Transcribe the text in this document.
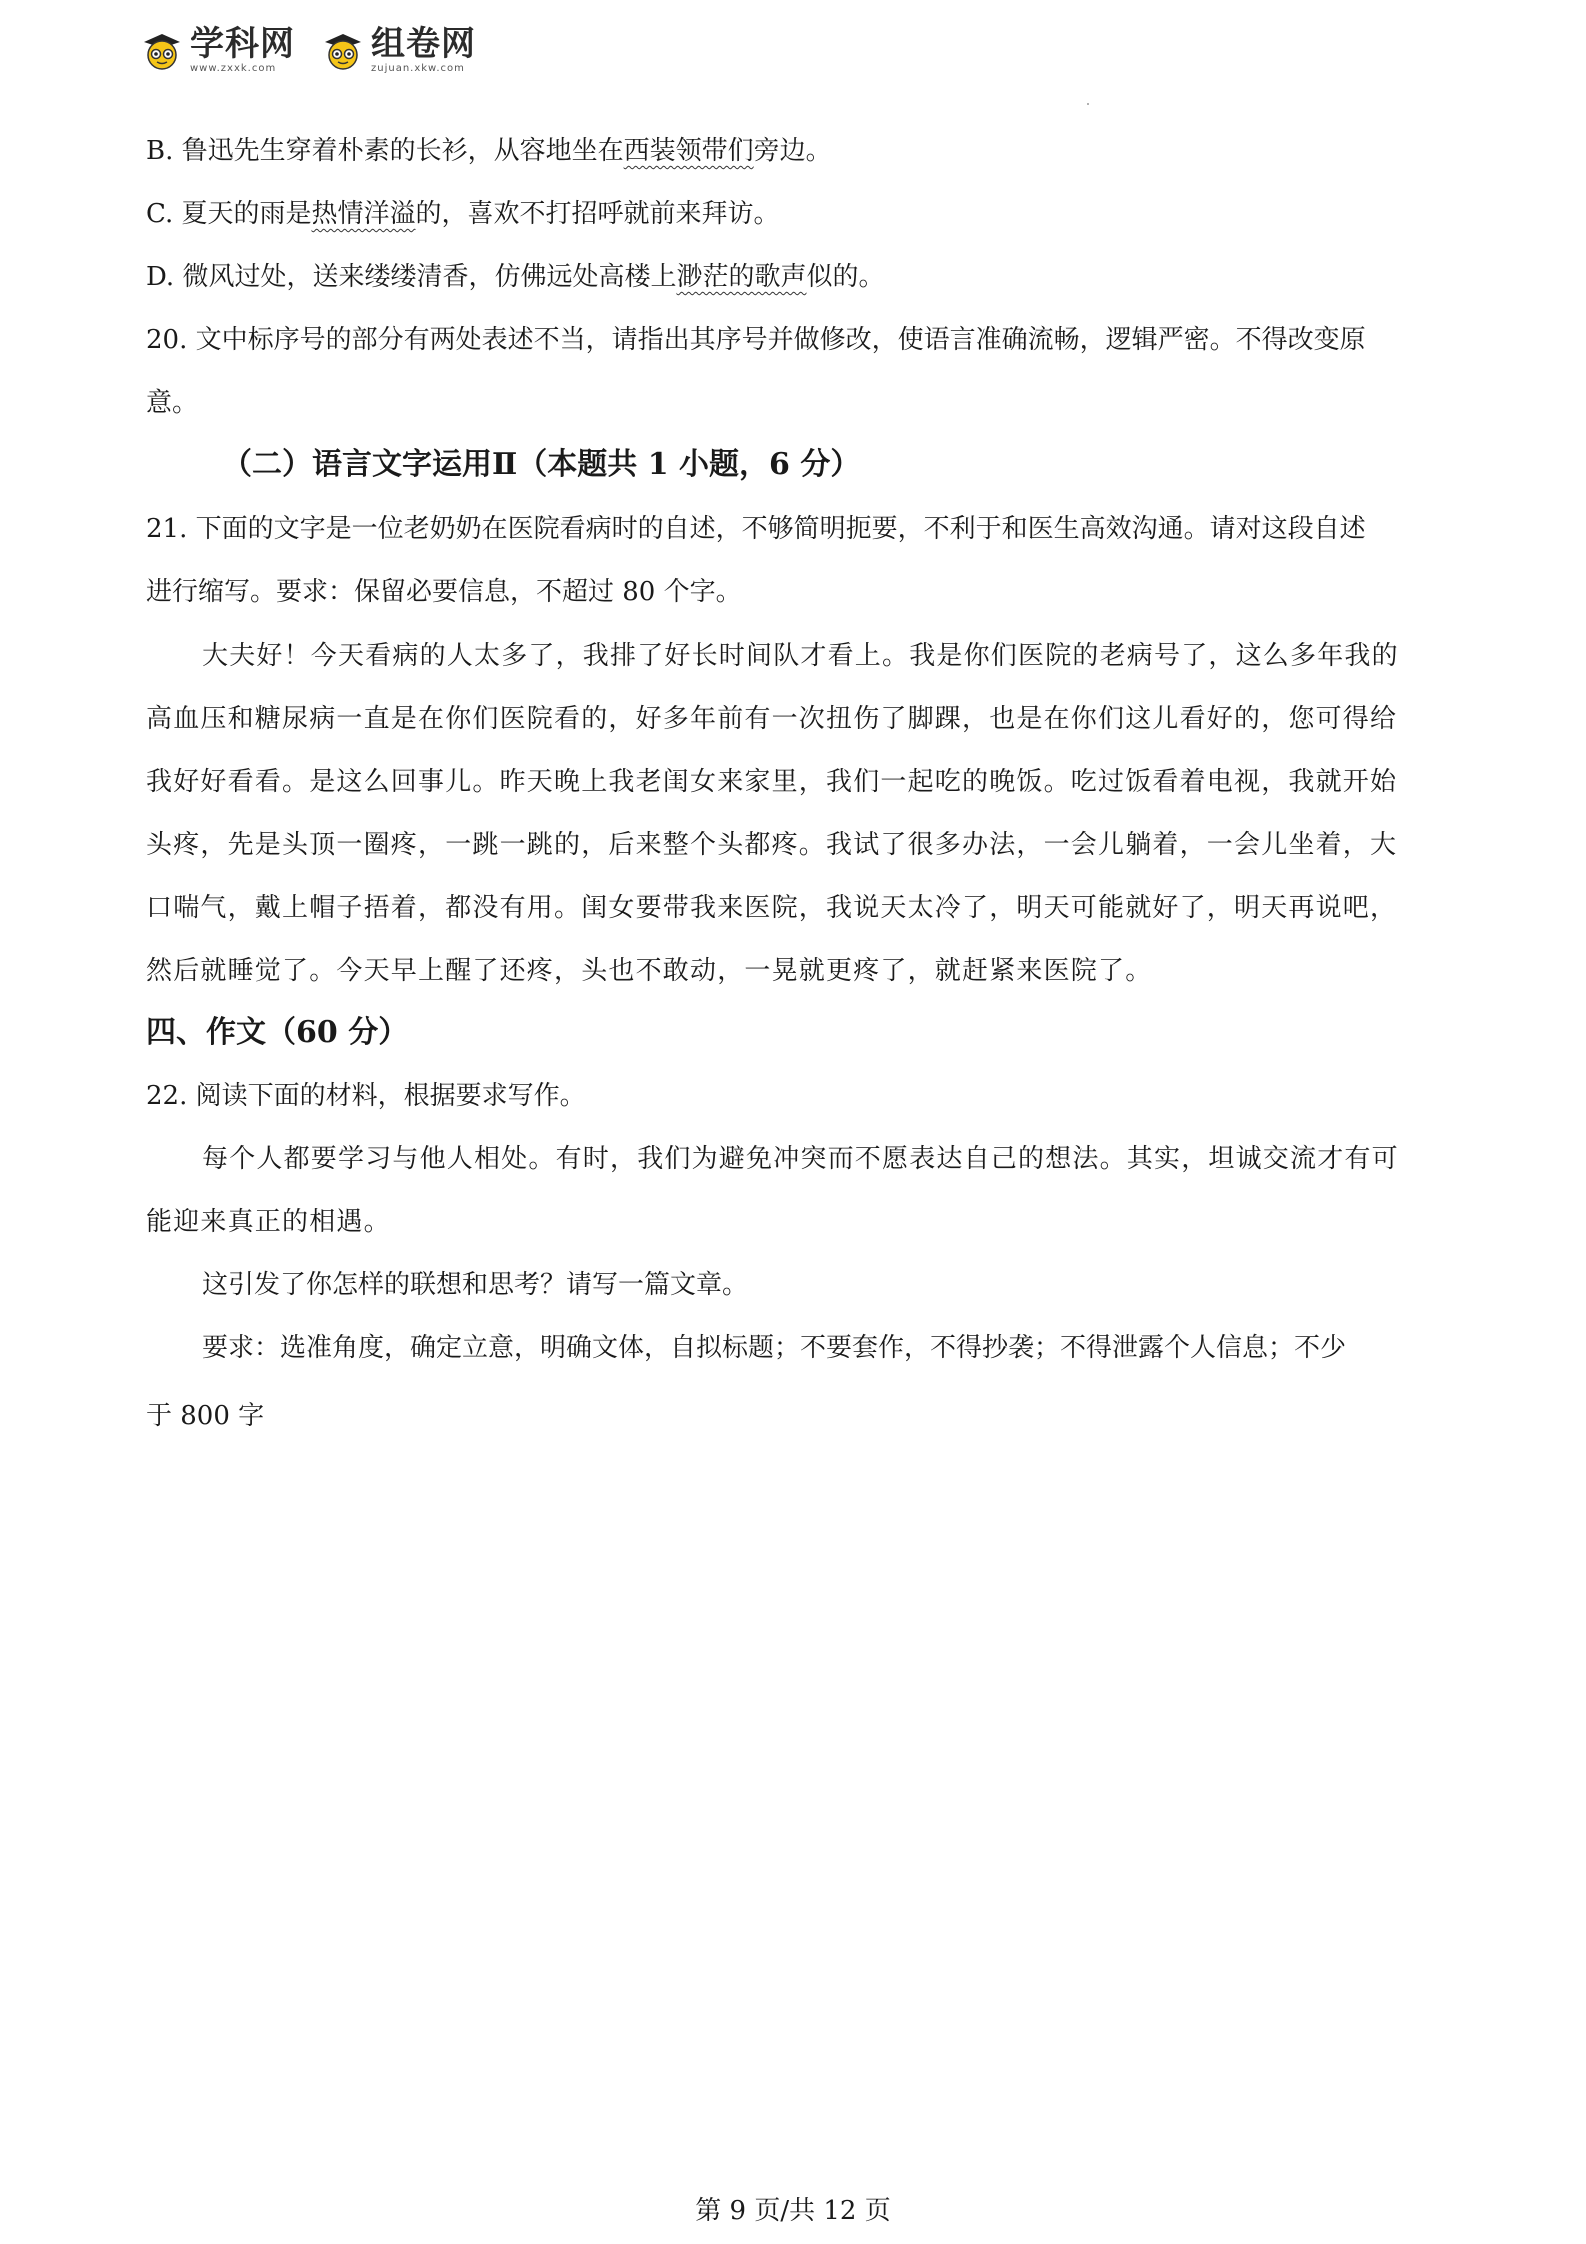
学科网
www.zxxk.com
组卷网
zujuan.xkw.com
B. 鲁迅先生穿着朴素的长衫，从容地坐在西装领带们旁边。
C. 夏天的雨是热情洋溢的，喜欢不打招呼就前来拜访。
D. 微风过处，送来缕缕清香，仿佛远处高楼上渺茫的歌声似的。
20. 文中标序号的部分有两处表述不当，请指出其序号并做修改，使语言准确流畅，逻辑严密。不得改变原
意。
（二）语言文字运用Ⅱ（本题共 1 小题，6 分）
21. 下面的文字是一位老奶奶在医院看病时的自述，不够简明扼要，不利于和医生高效沟通。请对这段自述
进行缩写。要求：保留必要信息，不超过 80 个字。
大夫好！今天看病的人太多了，我排了好长时间队才看上。我是你们医院的老病号了，这么多年我的
高血压和糖尿病一直是在你们医院看的，好多年前有一次扭伤了脚踝，也是在你们这儿看好的，您可得给
我好好看看。是这么回事儿。昨天晚上我老闺女来家里，我们一起吃的晚饭。吃过饭看着电视，我就开始
头疼，先是头顶一圈疼，一跳一跳的，后来整个头都疼。我试了很多办法，一会儿躺着，一会儿坐着，大
口喘气，戴上帽子捂着，都没有用。闺女要带我来医院，我说天太冷了，明天可能就好了，明天再说吧，
然后就睡觉了。今天早上醒了还疼，头也不敢动，一晃就更疼了，就赶紧来医院了。
四、作文（60 分）
22. 阅读下面的材料，根据要求写作。
每个人都要学习与他人相处。有时，我们为避免冲突而不愿表达自己的想法。其实，坦诚交流才有可
能迎来真正的相遇。
这引发了你怎样的联想和思考？请写一篇文章。
要求：选准角度，确定立意，明确文体，自拟标题；不要套作，不得抄袭；不得泄露个人信息；不少
于 800 字
第 9 页/共 12 页
